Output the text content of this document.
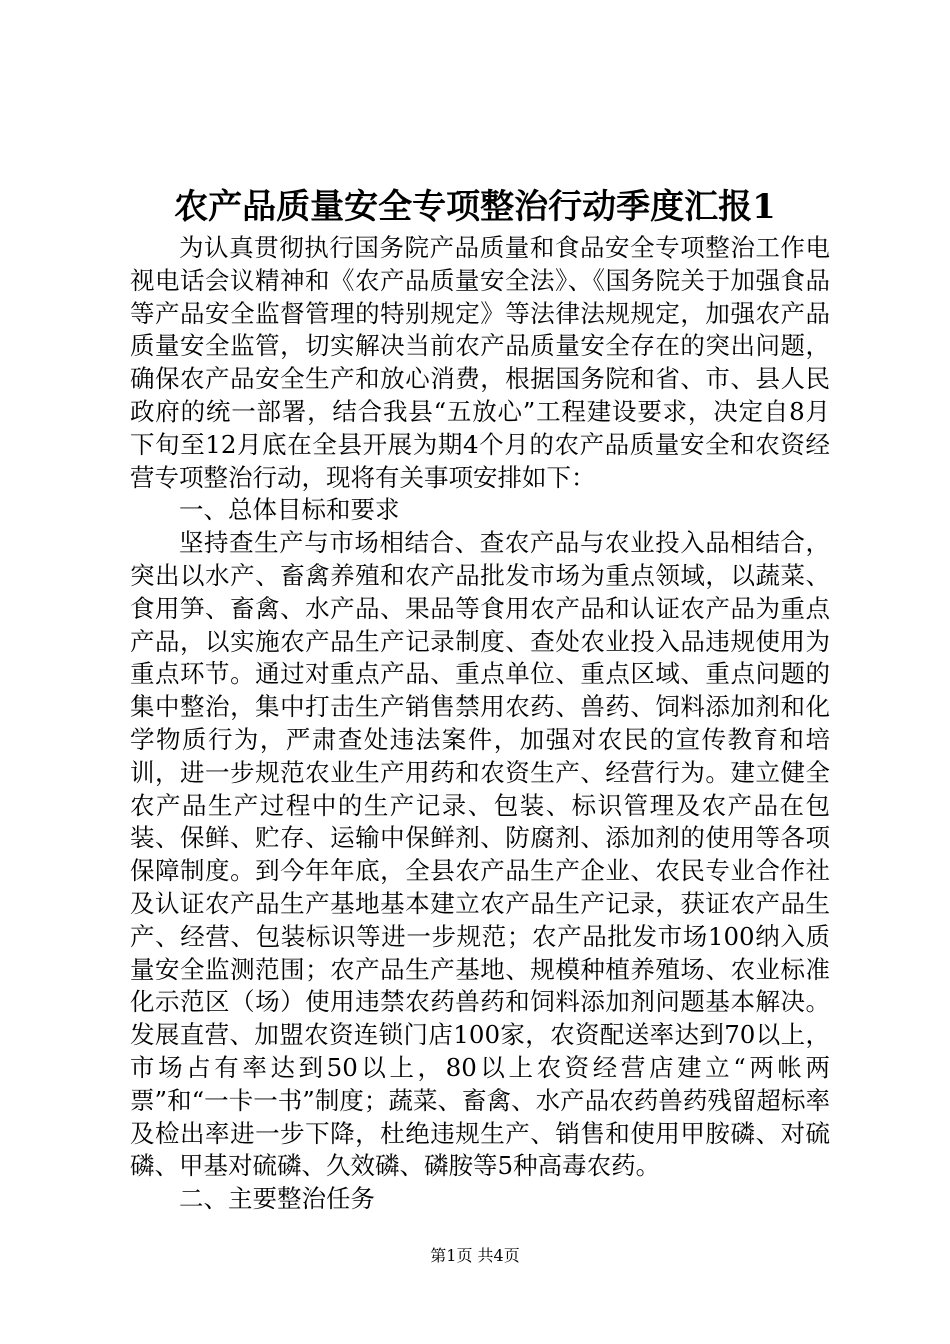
农产品质量安全专项整治行动季度汇报1

为认真贯彻执行国务院产品质量和食品安全专项整治工作电视电话会议精神和《农产品质量安全法》、《国务院关于加强食品等产品安全监督管理的特别规定》等法律法规规定，加强农产品质量安全监管，切实解决当前农产品质量安全存在的突出问题，确保农产品安全生产和放心消费，根据国务院和省、市、县人民政府的统一部署，结合我县“五放心”工程建设要求，决定自8月下旬至12月底在全县开展为期4个月的农产品质量安全和农资经营专项整治行动，现将有关事项安排如下：

一、总体目标和要求

坚持查生产与市场相结合、查农产品与农业投入品相结合，突出以水产、畜禽养殖和农产品批发市场为重点领域，以蔬菜、食用笋、畜禽、水产品、果品等食用农产品和认证农产品为重点产品，以实施农产品生产记录制度、查处农业投入品违规使用为重点环节。通过对重点产品、重点单位、重点区域、重点问题的集中整治，集中打击生产销售禁用农药、兽药、饲料添加剂和化学物质行为，严肃查处违法案件，加强对农民的宣传教育和培训，进一步规范农业生产用药和农资生产、经营行为。建立健全农产品生产过程中的生产记录、包装、标识管理及农产品在包装、保鲜、贮存、运输中保鲜剂、防腐剂、添加剂的使用等各项保障制度。到今年年底，全县农产品生产企业、农民专业合作社及认证农产品生产基地基本建立农产品生产记录，获证农产品生产、经营、包装标识等进一步规范；农产品批发市场100纳入质量安全监测范围；农产品生产基地、规模种植养殖场、农业标准化示范区（场）使用违禁农药兽药和饲料添加剂问题基本解决。发展直营、加盟农资连锁门店100家，农资配送率达到70以上，市场占有率达到50以上，80以上农资经营店建立“两帐两票”和“一卡一书”制度；蔬菜、畜禽、水产品农药兽药残留超标率及检出率进一步下降，杜绝违规生产、销售和使用甲胺磷、对硫磷、甲基对硫磷、久效磷、磷胺等5种高毒农药。

二、主要整治任务

第1页 共4页
